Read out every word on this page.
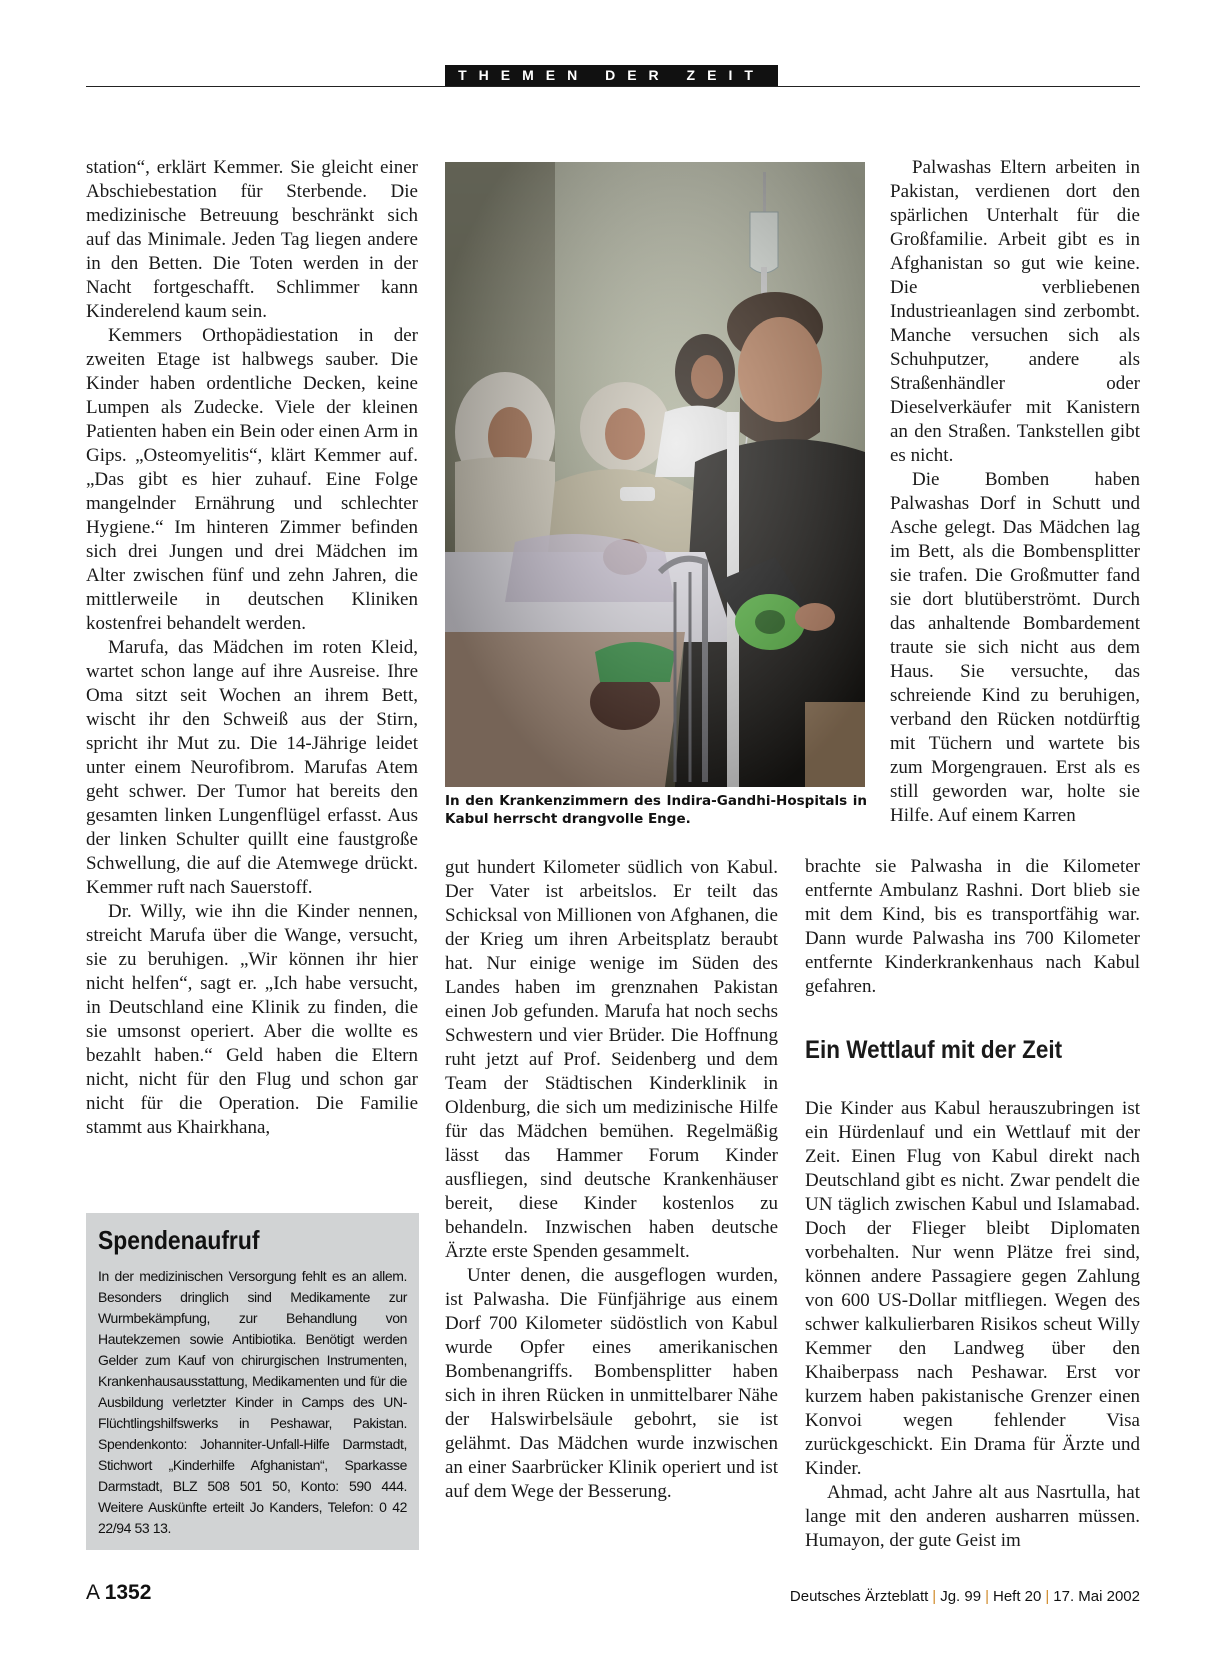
THEMEN DER ZEIT

station“, erklärt Kemmer. Sie gleicht einer Abschiebestation für Sterbende. Die medizinische Betreuung beschränkt sich auf das Minimale. Jeden Tag liegen andere in den Betten. Die Toten werden in der Nacht fortgeschafft. Schlimmer kann Kinderelend kaum sein.

Kemmers Orthopädiestation in der zweiten Etage ist halbwegs sauber. Die Kinder haben ordentliche Decken, keine Lumpen als Zudecke. Viele der kleinen Patienten haben ein Bein oder einen Arm in Gips. „Osteomyelitis“, klärt Kemmer auf. „Das gibt es hier zuhauf. Eine Folge mangelnder Ernährung und schlechter Hygiene.“ Im hinteren Zimmer befinden sich drei Jungen und drei Mädchen im Alter zwischen fünf und zehn Jahren, die mittlerweile in deutschen Kliniken kostenfrei behandelt werden.

Marufa, das Mädchen im roten Kleid, wartet schon lange auf ihre Ausreise. Ihre Oma sitzt seit Wochen an ihrem Bett, wischt ihr den Schweiß aus der Stirn, spricht ihr Mut zu. Die 14-Jährige leidet unter einem Neurofibrom. Marufas Atem geht schwer. Der Tumor hat bereits den gesamten linken Lungenflügel erfasst. Aus der linken Schulter quillt eine faustgroße Schwellung, die auf die Atemwege drückt. Kemmer ruft nach Sauerstoff.

Dr. Willy, wie ihn die Kinder nennen, streicht Marufa über die Wange, versucht, sie zu beruhigen. „Wir können ihr hier nicht helfen“, sagt er. „Ich habe versucht, in Deutschland eine Klinik zu finden, die sie umsonst operiert. Aber die wollte es bezahlt haben.“ Geld haben die Eltern nicht, nicht für den Flug und schon gar nicht für die Operation. Die Familie stammt aus Khairkhana,

In den Krankenzimmern des Indira-Gandhi-Hospitals in Kabul herrscht drangvolle Enge.

gut hundert Kilometer südlich von Kabul. Der Vater ist arbeitslos. Er teilt das Schicksal von Millionen von Afghanen, die der Krieg um ihren Arbeitsplatz beraubt hat. Nur einige wenige im Süden des Landes haben im grenznahen Pakistan einen Job gefunden. Marufa hat noch sechs Schwestern und vier Brüder. Die Hoffnung ruht jetzt auf Prof. Seidenberg und dem Team der Städtischen Kinderklinik in Oldenburg, die sich um medizinische Hilfe für das Mädchen bemühen. Regelmäßig lässt das Hammer Forum Kinder ausfliegen, sind deutsche Krankenhäuser bereit, diese Kinder kostenlos zu behandeln. Inzwischen haben deutsche Ärzte erste Spenden gesammelt.

Unter denen, die ausgeflogen wurden, ist Palwasha. Die Fünfjährige aus einem Dorf 700 Kilometer südöstlich von Kabul wurde Opfer eines amerikanischen Bombenangriffs. Bombensplitter haben sich in ihren Rücken in unmittelbarer Nähe der Halswirbelsäule gebohrt, sie ist gelähmt. Das Mädchen wurde inzwischen an einer Saarbrücker Klinik operiert und ist auf dem Wege der Besserung.

Palwashas Eltern arbeiten in Pakistan, verdienen dort den spärlichen Unterhalt für die Großfamilie. Arbeit gibt es in Afghanistan so gut wie keine. Die verbliebenen Industrieanlagen sind zerbombt. Manche versuchen sich als Schuhputzer, andere als Straßenhändler oder Dieselverkäufer mit Kanistern an den Straßen. Tankstellen gibt es nicht.

Die Bomben haben Palwashas Dorf in Schutt und Asche gelegt. Das Mädchen lag im Bett, als die Bombensplitter sie trafen. Die Großmutter fand sie dort blutüberströmt. Durch das anhaltende Bombardement traute sie sich nicht aus dem Haus. Sie versuchte, das schreiende Kind zu beruhigen, verband den Rücken notdürftig mit Tüchern und wartete bis zum Morgengrauen. Erst als es still geworden war, holte sie Hilfe. Auf einem Karren

brachte sie Palwasha in die Kilometer entfernte Ambulanz Rashni. Dort blieb sie mit dem Kind, bis es transportfähig war. Dann wurde Palwasha ins 700 Kilometer entfernte Kinderkrankenhaus nach Kabul gefahren.

Ein Wettlauf mit der Zeit

Die Kinder aus Kabul herauszubringen ist ein Hürdenlauf und ein Wettlauf mit der Zeit. Einen Flug von Kabul direkt nach Deutschland gibt es nicht. Zwar pendelt die UN täglich zwischen Kabul und Islamabad. Doch der Flieger bleibt Diplomaten vorbehalten. Nur wenn Plätze frei sind, können andere Passagiere gegen Zahlung von 600 US-Dollar mitfliegen. Wegen des schwer kalkulierbaren Risikos scheut Willy Kemmer den Landweg über den Khaiberpass nach Peshawar. Erst vor kurzem haben pakistanische Grenzer einen Konvoi wegen fehlender Visa zurückgeschickt. Ein Drama für Ärzte und Kinder.

Ahmad, acht Jahre alt aus Nasrtulla, hat lange mit den anderen ausharren müssen. Humayon, der gute Geist im

Spendenaufruf
In der medizinischen Versorgung fehlt es an allem. Besonders dringlich sind Medikamente zur Wurmbekämpfung, zur Behandlung von Hautekzemen sowie Antibiotika. Benötigt werden Gelder zum Kauf von chirurgischen Instrumenten, Krankenhausausstattung, Medikamenten und für die Ausbildung verletzter Kinder in Camps des UN-Flüchtlingshilfswerks in Peshawar, Pakistan. Spendenkonto: Johanniter-Unfall-Hilfe Darmstadt, Stichwort „Kinderhilfe Afghanistan“, Sparkasse Darmstadt, BLZ 508 501 50, Konto: 590 444. Weitere Auskünfte erteilt Jo Kanders, Telefon: 0 42 22/94 53 13.
A 1352	Deutsches Ärzteblatt | Jg. 99 | Heft 20 | 17. Mai 2002
